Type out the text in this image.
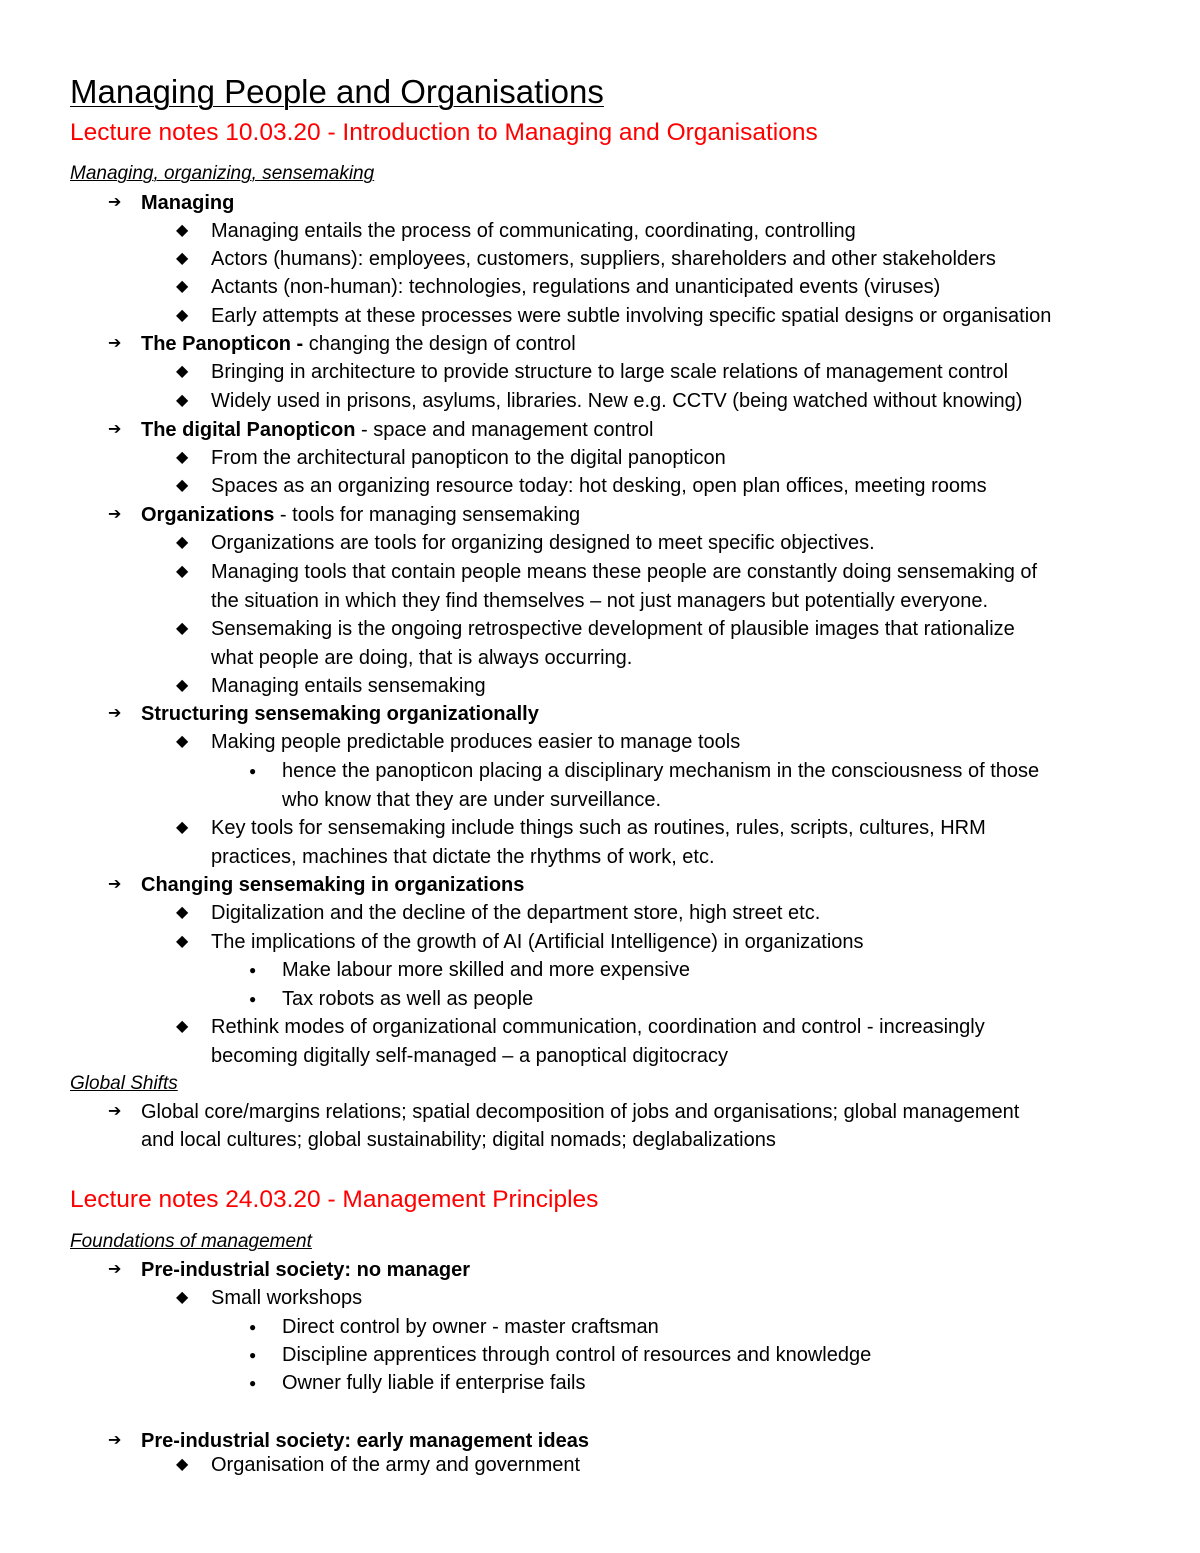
Managing People and Organisations
Lecture notes 10.03.20 - Introduction to Managing and Organisations
Managing, organizing, sensemaking
➔ Managing
◆ Managing entails the process of communicating, coordinating, controlling
◆ Actors (humans): employees, customers, suppliers, shareholders and other stakeholders
◆ Actants (non-human): technologies, regulations and unanticipated events (viruses)
◆ Early attempts at these processes were subtle involving specific spatial designs or organisation
➔ The Panopticon - changing the design of control
◆ Bringing in architecture to provide structure to large scale relations of management control
◆ Widely used in prisons, asylums, libraries. New e.g. CCTV (being watched without knowing)
➔ The digital Panopticon - space and management control
◆ From the architectural panopticon to the digital panopticon
◆ Spaces as an organizing resource today: hot desking, open plan offices, meeting rooms
➔ Organizations - tools for managing sensemaking
◆ Organizations are tools for organizing designed to meet specific objectives.
◆ Managing tools that contain people means these people are constantly doing sensemaking of
the situation in which they find themselves – not just managers but potentially everyone.
◆ Sensemaking is the ongoing retrospective development of plausible images that rationalize
what people are doing, that is always occurring.
◆ Managing entails sensemaking
➔ Structuring sensemaking organizationally
◆ Making people predictable produces easier to manage tools
● hence the panopticon placing a disciplinary mechanism in the consciousness of those
who know that they are under surveillance.
◆ Key tools for sensemaking include things such as routines, rules, scripts, cultures, HRM
practices, machines that dictate the rhythms of work, etc.
➔ Changing sensemaking in organizations
◆ Digitalization and the decline of the department store, high street etc.
◆ The implications of the growth of AI (Artificial Intelligence) in organizations
● Make labour more skilled and more expensive
● Tax robots as well as people
◆ Rethink modes of organizational communication, coordination and control - increasingly
becoming digitally self-managed – a panoptical digitocracy
Global Shifts
➔ Global core/margins relations; spatial decomposition of jobs and organisations; global management
and local cultures; global sustainability; digital nomads; deglabalizations
Lecture notes 24.03.20 - Management Principles
Foundations of management
➔ Pre-industrial society: no manager
◆ Small workshops
● Direct control by owner - master craftsman
● Discipline apprentices through control of resources and knowledge
● Owner fully liable if enterprise fails
➔ Pre-industrial society: early management ideas
◆ Organisation of the army and government
